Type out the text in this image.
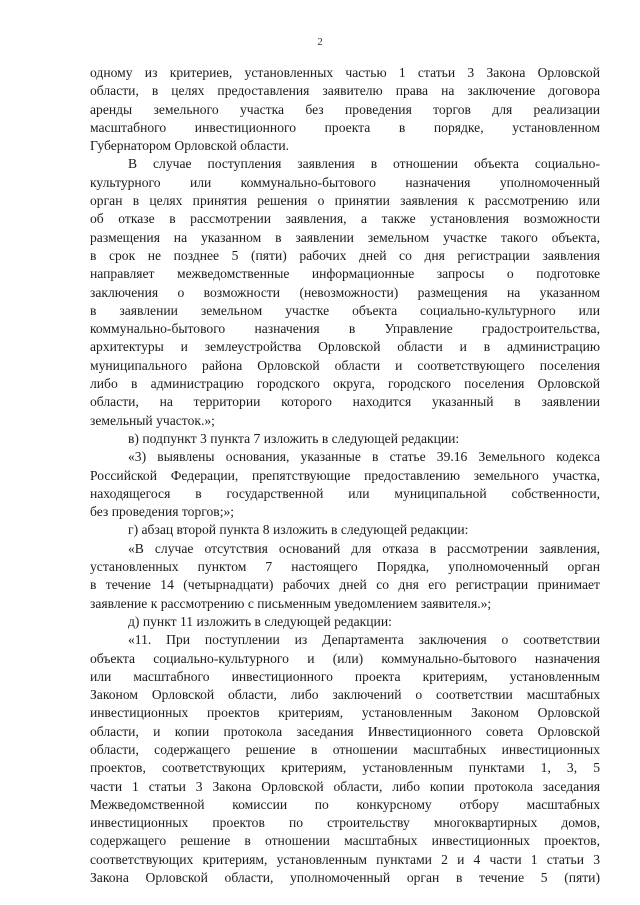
2
одному из критериев, установленных частью 1 статьи 3 Закона Орловской
области, в целях предоставления заявителю права на заключение договора
аренды земельного участка без проведения торгов для реализации
масштабного инвестиционного проекта в порядке, установленном
Губернатором Орловской области.
В случае поступления заявления в отношении объекта социально-
культурного или коммунально-бытового назначения уполномоченный
орган в целях принятия решения о принятии заявления к рассмотрению или
об отказе в рассмотрении заявления, а также установления возможности
размещения на указанном в заявлении земельном участке такого объекта,
в срок не позднее 5 (пяти) рабочих дней со дня регистрации заявления
направляет межведомственные информационные запросы о подготовке
заключения о возможности (невозможности) размещения на указанном
в заявлении земельном участке объекта социально-культурного или
коммунально-бытового назначения в Управление градостроительства,
архитектуры и землеустройства Орловской области и в администрацию
муниципального района Орловской области и соответствующего поселения
либо в администрацию городского округа, городского поселения Орловской
области, на территории которого находится указанный в заявлении
земельный участок.»;
в) подпункт 3 пункта 7 изложить в следующей редакции:
«3) выявлены основания, указанные в статье 39.16 Земельного кодекса
Российской Федерации, препятствующие предоставлению земельного участка,
находящегося в государственной или муниципальной собственности,
без проведения торгов;»;
г) абзац второй пункта 8 изложить в следующей редакции:
«В случае отсутствия оснований для отказа в рассмотрении заявления,
установленных пунктом 7 настоящего Порядка, уполномоченный орган
в течение 14 (четырнадцати) рабочих дней со дня его регистрации принимает
заявление к рассмотрению с письменным уведомлением заявителя.»;
д) пункт 11 изложить в следующей редакции:
«11. При поступлении из Департамента заключения о соответствии
объекта социально-культурного и (или) коммунально-бытового назначения
или масштабного инвестиционного проекта критериям, установленным
Законом Орловской области, либо заключений о соответствии масштабных
инвестиционных проектов критериям, установленным Законом Орловской
области, и копии протокола заседания Инвестиционного совета Орловской
области, содержащего решение в отношении масштабных инвестиционных
проектов, соответствующих критериям, установленным пунктами 1, 3, 5
части 1 статьи 3 Закона Орловской области, либо копии протокола заседания
Межведомственной комиссии по конкурсному отбору масштабных
инвестиционных проектов по строительству многоквартирных домов,
содержащего решение в отношении масштабных инвестиционных проектов,
соответствующих критериям, установленным пунктами 2 и 4 части 1 статьи 3
Закона Орловской области, уполномоченный орган в течение 5 (пяти)
